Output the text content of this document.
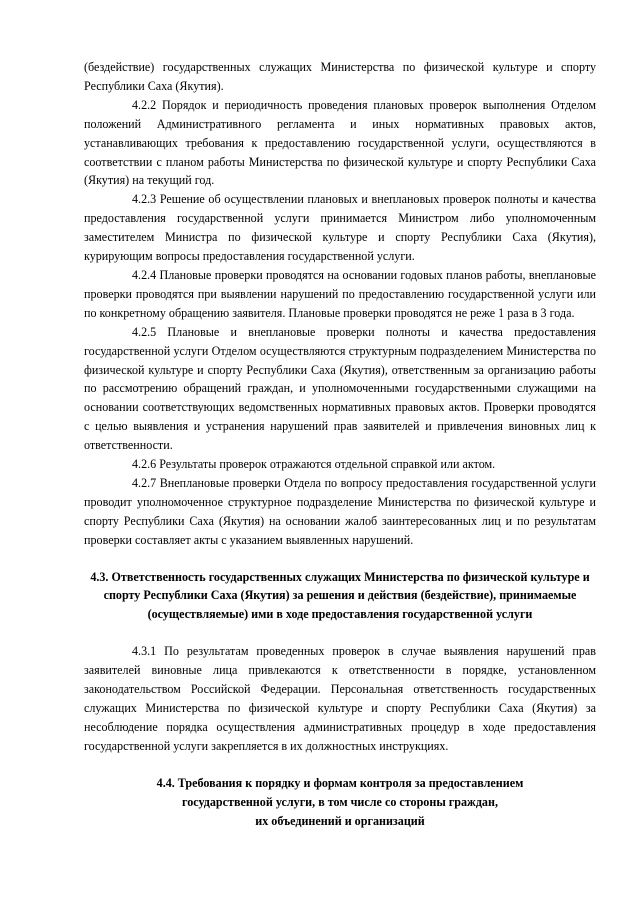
(бездействие) государственных служащих Министерства по физической культуре и спорту Республики Саха (Якутия).

4.2.2 Порядок и периодичность проведения плановых проверок выполнения Отделом положений Административного регламента и иных нормативных правовых актов, устанавливающих требования к предоставлению государственной услуги, осуществляются в соответствии с планом работы Министерства по физической культуре и спорту Республики Саха (Якутия) на текущий год.

4.2.3 Решение об осуществлении плановых и внеплановых проверок полноты и качества предоставления государственной услуги принимается Министром либо уполномоченным заместителем Министра по физической культуре и спорту Республики Саха (Якутия), курирующим вопросы предоставления государственной услуги.

4.2.4 Плановые проверки проводятся на основании годовых планов работы, внеплановые проверки проводятся при выявлении нарушений по предоставлению государственной услуги или по конкретному обращению заявителя. Плановые проверки проводятся не реже 1 раза в 3 года.

4.2.5 Плановые и внеплановые проверки полноты и качества предоставления государственной услуги Отделом осуществляются структурным подразделением Министерства по физической культуре и спорту Республики Саха (Якутия), ответственным за организацию работы по рассмотрению обращений граждан, и уполномоченными государственными служащими на основании соответствующих ведомственных нормативных правовых актов. Проверки проводятся с целью выявления и устранения нарушений прав заявителей и привлечения виновных лиц к ответственности.

4.2.6 Результаты проверок отражаются отдельной справкой или актом.

4.2.7 Внеплановые проверки Отдела по вопросу предоставления государственной услуги проводит уполномоченное структурное подразделение Министерства по физической культуре и спорту Республики Саха (Якутия) на основании жалоб заинтересованных лиц и по результатам проверки составляет акты с указанием выявленных нарушений.

4.3. Ответственность государственных служащих Министерства по физической культуре и спорту Республики Саха (Якутия) за решения и действия (бездействие), принимаемые (осуществляемые) ими в ходе предоставления государственной услуги

4.3.1 По результатам проведенных проверок в случае выявления нарушений прав заявителей виновные лица привлекаются к ответственности в порядке, установленном законодательством Российской Федерации. Персональная ответственность государственных служащих Министерства по физической культуре и спорту Республики Саха (Якутия) за несоблюдение порядка осуществления административных процедур в ходе предоставления государственной услуги закрепляется в их должностных инструкциях.

4.4. Требования к порядку и формам контроля за предоставлением

государственной услуги, в том числе со стороны граждан,

их объединений и организаций
